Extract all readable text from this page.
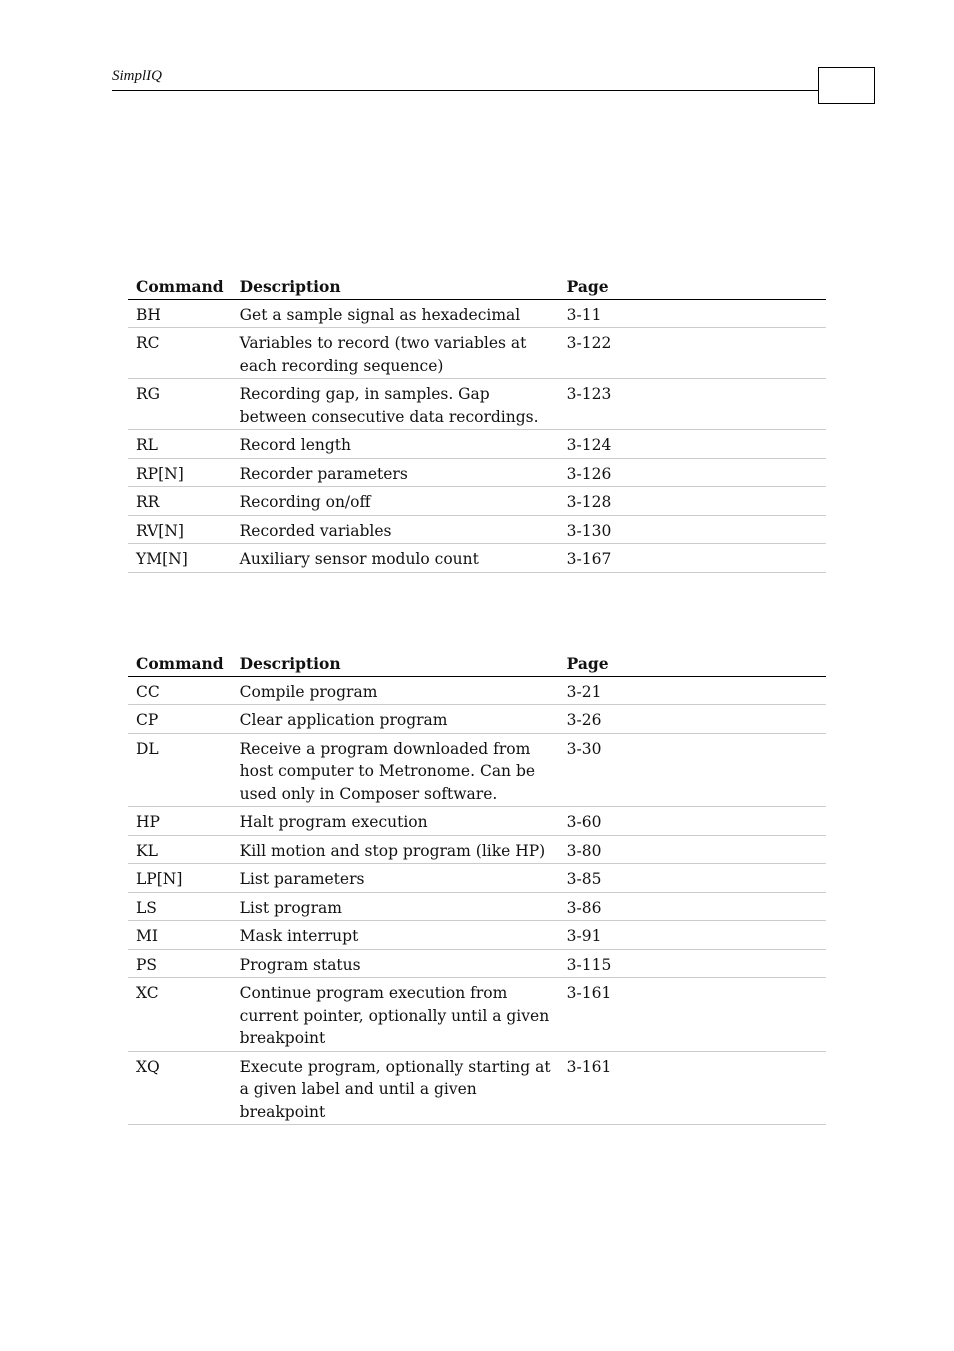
SimplIQ
Command	Description	Page
BH	Get a sample signal as hexadecimal	3-11
RC	Variables to record (two variables at each recording sequence)	3-122
RG	Recording gap, in samples. Gap between consecutive data recordings.	3-123
RL	Record length	3-124
RP[N]	Recorder parameters	3-126
RR	Recording on/off	3-128
RV[N]	Recorded variables	3-130
YM[N]	Auxiliary sensor modulo count	3-167
Command	Description	Page
CC	Compile program	3-21
CP	Clear application program	3-26
DL	Receive a program downloaded from host computer to Metronome. Can be used only in Composer software.	3-30
HP	Halt program execution	3-60
KL	Kill motion and stop program (like HP)	3-80
LP[N]	List parameters	3-85
LS	List program	3-86
MI	Mask interrupt	3-91
PS	Program status	3-115
XC	Continue program execution from current pointer, optionally until a given breakpoint	3-161
XQ	Execute program, optionally starting at a given label and until a given breakpoint	3-161
